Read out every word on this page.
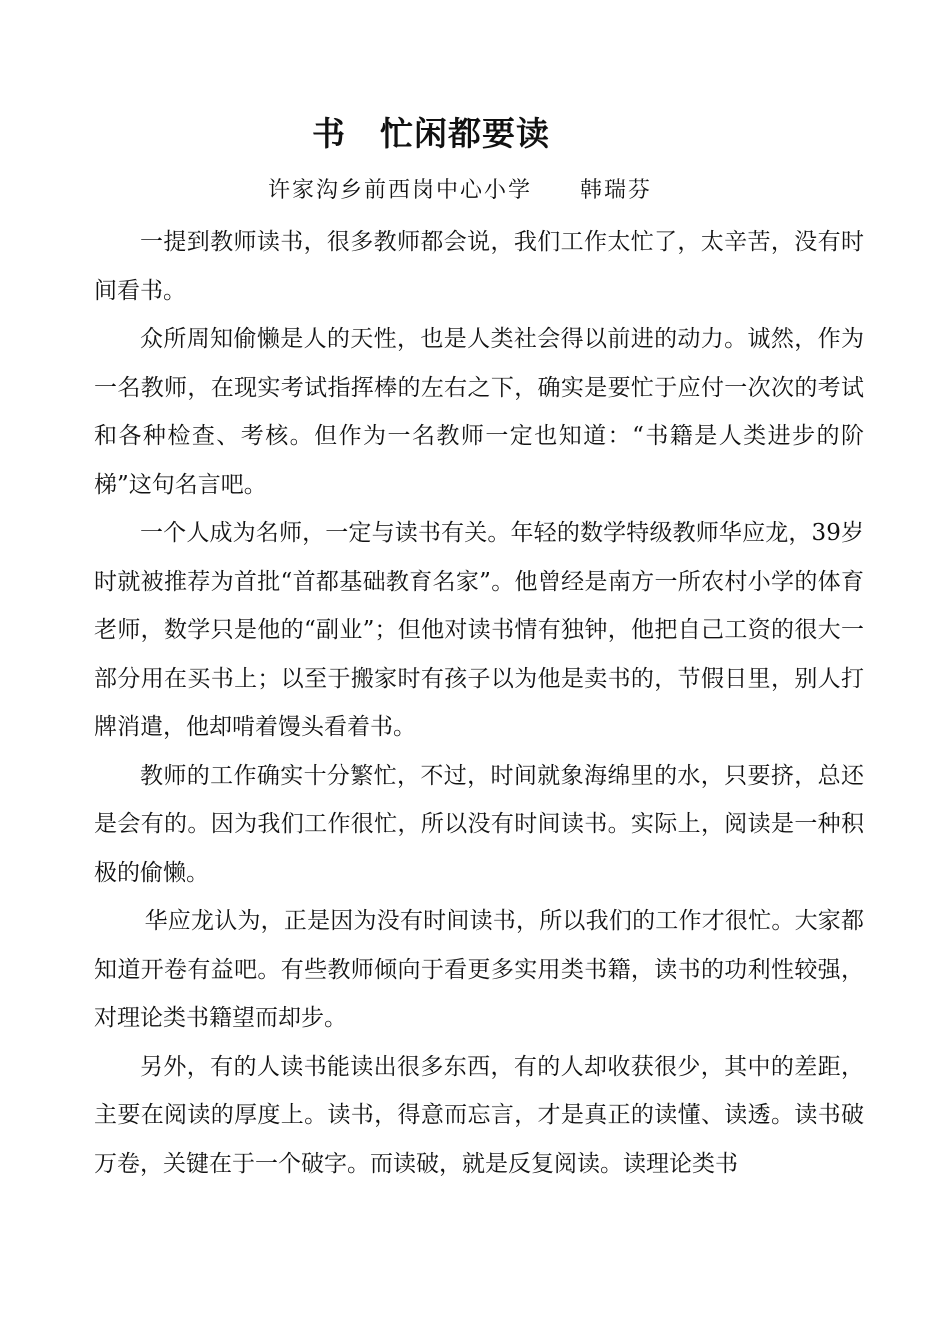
书　忙闲都要读
许家沟乡前西岗中心小学　　韩瑞芬

一提到教师读书，很多教师都会说，我们工作太忙了，太辛苦，没有时间看书。

众所周知偷懒是人的天性，也是人类社会得以前进的动力。诚然，作为一名教师，在现实考试指挥棒的左右之下，确实是要忙于应付一次次的考试和各种检查、考核。但作为一名教师一定也知道：“书籍是人类进步的阶梯”这句名言吧。

一个人成为名师，一定与读书有关。年轻的数学特级教师华应龙，39岁时就被推荐为首批“首都基础教育名家”。他曾经是南方一所农村小学的体育老师，数学只是他的“副业”；但他对读书情有独钟，他把自己工资的很大一部分用在买书上；以至于搬家时有孩子以为他是卖书的，节假日里，别人打牌消遣，他却啃着馒头看着书。

教师的工作确实十分繁忙，不过，时间就象海绵里的水，只要挤，总还是会有的。因为我们工作很忙，所以没有时间读书。实际上，阅读是一种积极的偷懒。

华应龙认为，正是因为没有时间读书，所以我们的工作才很忙。大家都知道开卷有益吧。有些教师倾向于看更多实用类书籍，读书的功利性较强，对理论类书籍望而却步。

另外，有的人读书能读出很多东西，有的人却收获很少，其中的差距，主要在阅读的厚度上。读书，得意而忘言，才是真正的读懂、读透。读书破万卷，关键在于一个破字。而读破，就是反复阅读。读理论类书
